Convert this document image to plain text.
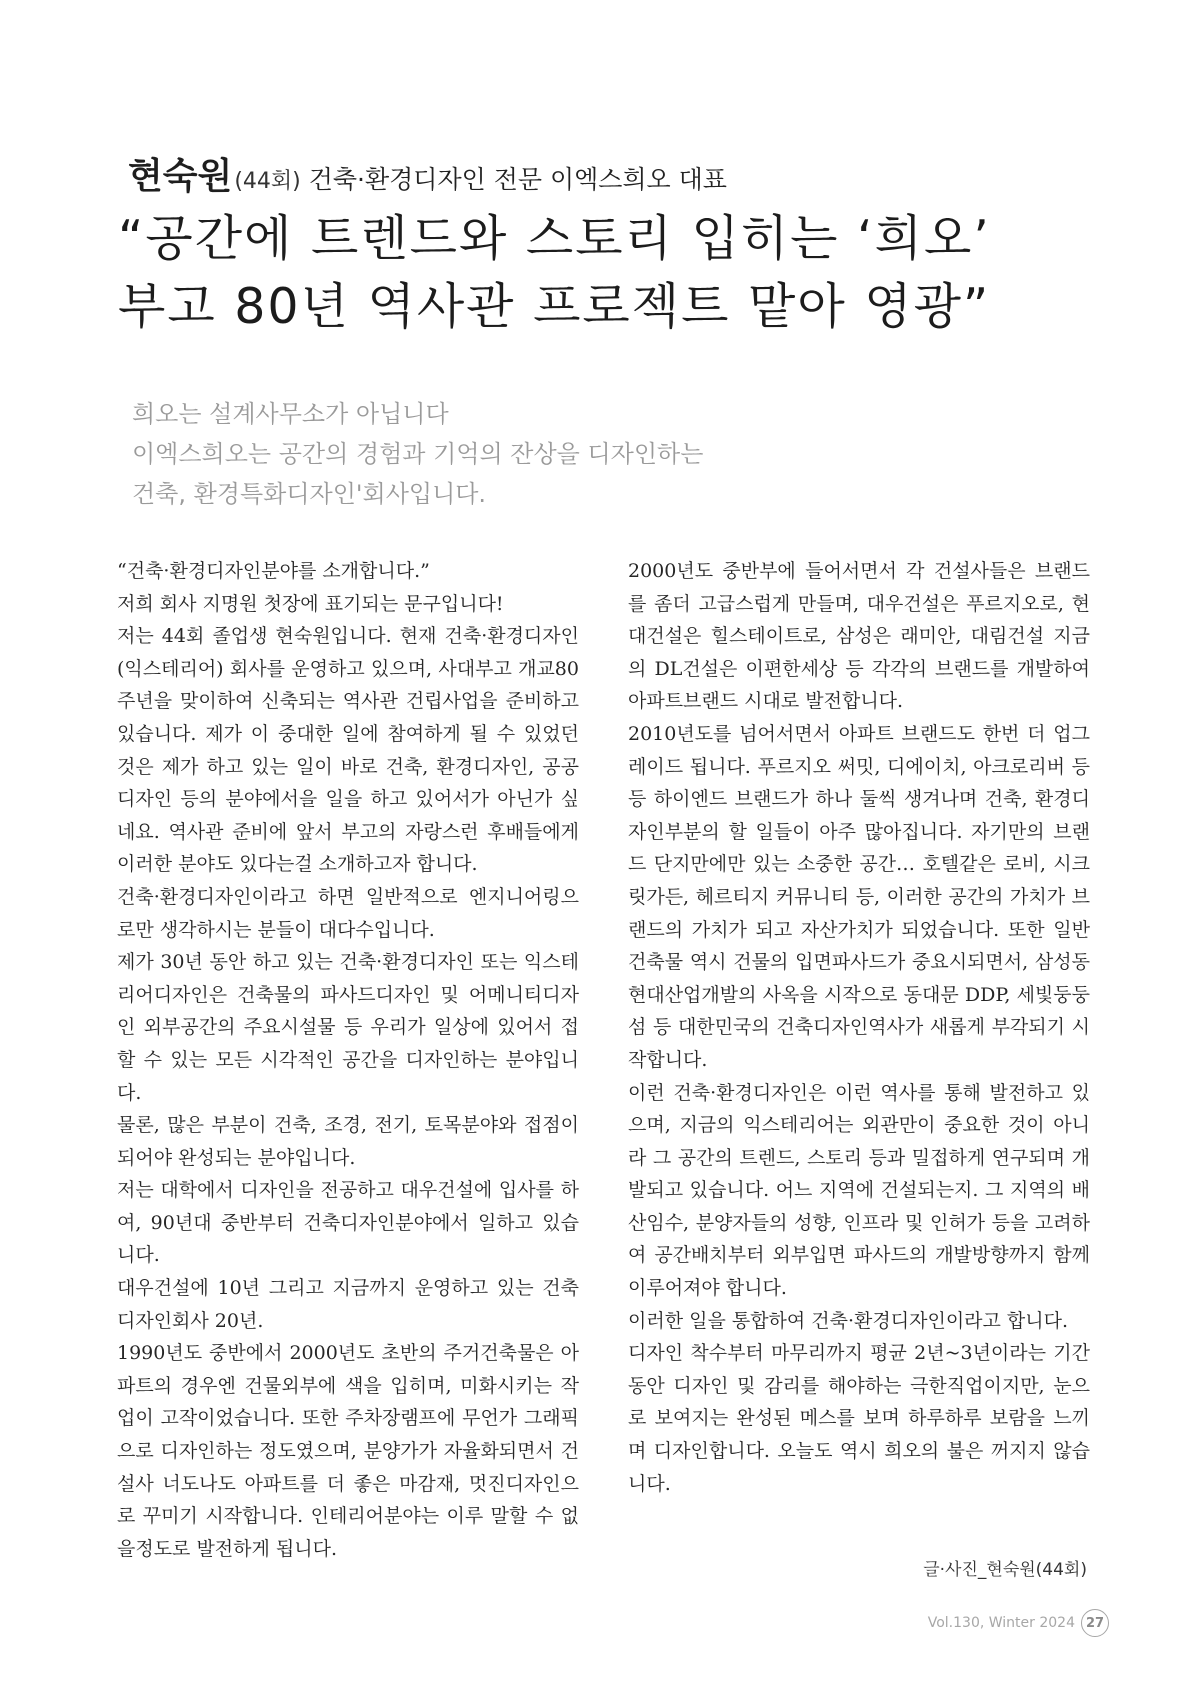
현숙원(44회) 건축·환경디자인 전문 이엑스희오 대표
“공간에 트렌드와 스토리 입히는 ‘희오’
부고 80년 역사관 프로젝트 맡아 영광”
희오는 설계사무소가 아닙니다
이엑스희오는 공간의 경험과 기억의 잔상을 디자인하는
건축, 환경특화디자인'회사입니다.

“건축·환경디자인분야를 소개합니다.”

저희 회사 지명원 첫장에 표기되는 문구입니다!

저는 44회 졸업생 현숙원입니다. 현재 건축·환경디자인(익스테리어) 회사를 운영하고 있으며, 사대부고 개교80주년을 맞이하여 신축되는 역사관 건립사업을 준비하고 있습니다. 제가 이 중대한 일에 참여하게 될 수 있었던 것은 제가 하고 있는 일이 바로 건축, 환경디자인, 공공디자인 등의 분야에서을 일을 하고 있어서가 아닌가 싶네요. 역사관 준비에 앞서 부고의 자랑스런 후배들에게 이러한 분야도 있다는걸 소개하고자 합니다.

건축·환경디자인이라고 하면 일반적으로 엔지니어링으로만 생각하시는 분들이 대다수입니다.

제가 30년 동안 하고 있는 건축·환경디자인 또는 익스테리어디자인은 건축물의 파사드디자인 및 어메니티디자인 외부공간의 주요시설물 등 우리가 일상에 있어서 접할 수 있는 모든 시각적인 공간을 디자인하는 분야입니다.

물론, 많은 부분이 건축, 조경, 전기, 토목분야와 접점이 되어야 완성되는 분야입니다.

저는 대학에서 디자인을 전공하고 대우건설에 입사를 하여, 90년대 중반부터 건축디자인분야에서 일하고 있습니다.

대우건설에 10년 그리고 지금까지 운영하고 있는 건축디자인회사 20년.

1990년도 중반에서 2000년도 초반의 주거건축물은 아파트의 경우엔 건물외부에 색을 입히며, 미화시키는 작업이 고작이었습니다. 또한 주차장램프에 무언가 그래픽으로 디자인하는 정도였으며, 분양가가 자율화되면서 건설사 너도나도 아파트를 더 좋은 마감재, 멋진디자인으로 꾸미기 시작합니다. 인테리어분야는 이루 말할 수 없을정도로 발전하게 됩니다.

2000년도 중반부에 들어서면서 각 건설사들은 브랜드를 좀더 고급스럽게 만들며, 대우건설은 푸르지오로, 현대건설은 힐스테이트로, 삼성은 래미안, 대림건설 지금의 DL건설은 이편한세상 등 각각의 브랜드를 개발하여 아파트브랜드 시대로 발전합니다.

2010년도를 넘어서면서 아파트 브랜드도 한번 더 업그레이드 됩니다. 푸르지오 써밋, 디에이치, 아크로리버 등등 하이엔드 브랜드가 하나 둘씩 생겨나며 건축, 환경디자인부분의 할 일들이 아주 많아집니다. 자기만의 브랜드 단지만에만 있는 소중한 공간… 호텔같은 로비, 시크릿가든, 헤르티지 커뮤니티 등, 이러한 공간의 가치가 브랜드의 가치가 되고 자산가치가 되었습니다. 또한 일반건축물 역시 건물의 입면파사드가 중요시되면서, 삼성동 현대산업개발의 사옥을 시작으로 동대문 DDP, 세빛둥둥섬 등 대한민국의 건축디자인역사가 새롭게 부각되기 시작합니다.

이런 건축·환경디자인은 이런 역사를 통해 발전하고 있으며, 지금의 익스테리어는 외관만이 중요한 것이 아니라 그 공간의 트렌드, 스토리 등과 밀접하게 연구되며 개발되고 있습니다. 어느 지역에 건설되는지. 그 지역의 배산임수, 분양자들의 성향, 인프라 및 인허가 등을 고려하여 공간배치부터 외부입면 파사드의 개발방향까지 함께 이루어져야 합니다.

이러한 일을 통합하여 건축·환경디자인이라고 합니다.

디자인 착수부터 마무리까지 평균 2년~3년이라는 기간동안 디자인 및 감리를 해야하는 극한직업이지만, 눈으로 보여지는 완성된 메스를 보며 하루하루 보람을 느끼며 디자인합니다. 오늘도 역시 희오의 불은 꺼지지 않습니다.

글·사진_현숙원(44회)
Vol.130, Winter 2024 27
